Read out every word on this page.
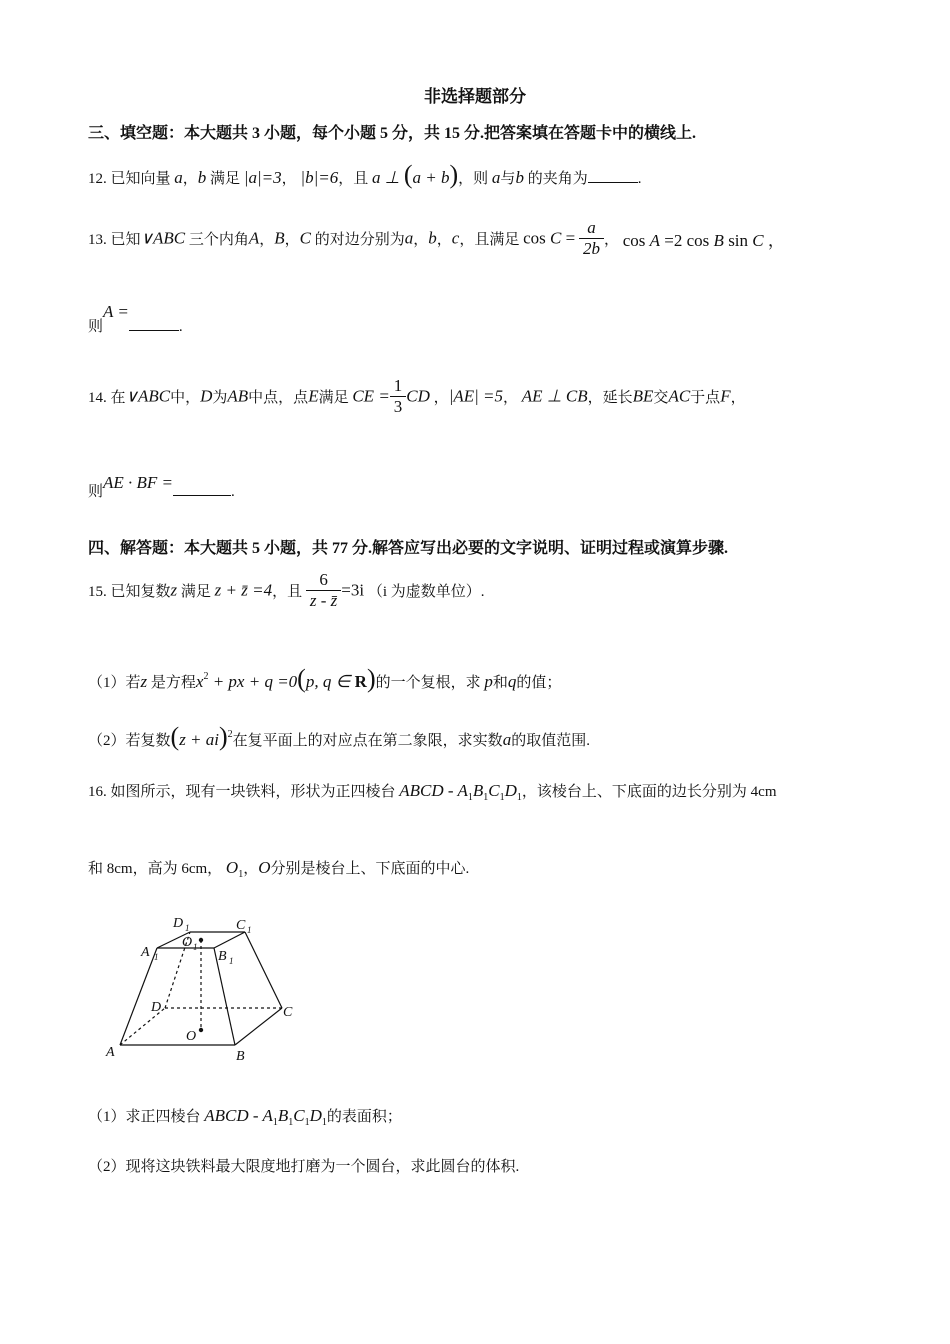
非选择题部分
三、填空题：本大题共 3 小题，每个小题 5 分，共 15 分.把答案填在答题卡中的横线上.
12. 已知向量 a，b 满足 |a|=3， |b|=6，且 a ⊥ (a + b)，则 a与b 的夹角为	.
13. 已知∨ABC 三个内角A，B，C 的对边分别为a，b，c，且满足 $\cos C = \frac{a}{2b}$ ， cos A =2 cos B sin C ，
则A =.
14. 在∨ABC中，D为AB中点，点E满足 CE = $\frac{1}{3}$ CD ，|AE| =5， AE ⊥ CB，延长BE交AC于点F，
则AE · BF =	.
四、解答题：本大题共 5 小题，共 77 分.解答应写出必要的文字说明、证明过程或演算步骤.
15. 已知复数z 满足 z + z̄ =4，且 $\frac{6}{z - z̄} =3i$ （i 为虚数单位）.
（1）若z 是方程$x^2$ + px + q =0(p, q ∈ R)的一个复根，求 p和q的值；
（2）若复数(z + ai)$^2$在复平面上的对应点在第二象限，求实数a的取值范围.
16. 如图所示，现有一块铁料，形状为正四棱台 ABCD - $A_1B_1C_1D_1$，该棱台上、下底面的边长分别为 4cm
和 8cm，高为 6cm， $O_1$，O分别是棱台上、下底面的中心.
A	B
C
D
A 1	B 1
C 1
D 1
O 1
O
（1）求正四棱台 ABCD - $A_1B_1C_1D_1$的表面积；
（2）现将这块铁料最大限度地打磨为一个圆台，求此圆台的体积.
